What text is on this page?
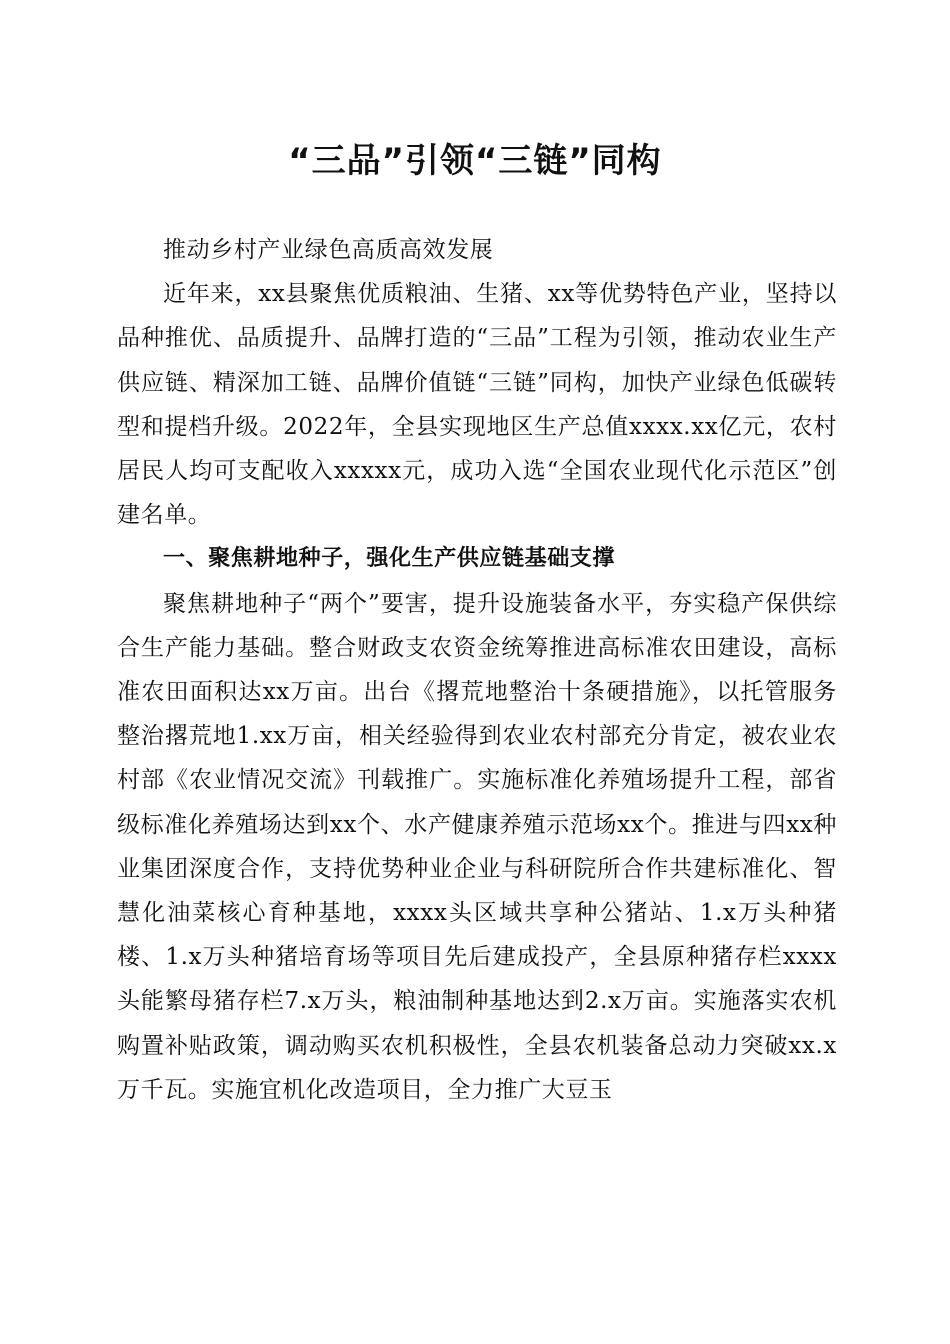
“三品”引领“三链”同构

推动乡村产业绿色高质高效发展

近年来，xx县聚焦优质粮油、生猪、xx等优势特色产业，坚持以品种推优、品质提升、品牌打造的“三品”工程为引领，推动农业生产供应链、精深加工链、品牌价值链“三链”同构，加快产业绿色低碳转型和提档升级。2022年，全县实现地区生产总值xxxx.xx亿元，农村居民人均可支配收入xxxxx元，成功入选“全国农业现代化示范区”创建名单。

一、聚焦耕地种子，强化生产供应链基础支撑

聚焦耕地种子“两个”要害，提升设施装备水平，夯实稳产保供综合生产能力基础。整合财政支农资金统筹推进高标准农田建设，高标准农田面积达xx万亩。出台《撂荒地整治十条硬措施》，以托管服务整治撂荒地1.xx万亩，相关经验得到农业农村部充分肯定，被农业农村部《农业情况交流》刊载推广。实施标准化养殖场提升工程，部省级标准化养殖场达到xx个、水产健康养殖示范场xx个。推进与四xx种业集团深度合作，支持优势种业企业与科研院所合作共建标准化、智慧化油菜核心育种基地，xxxx头区域共享种公猪站、1.x万头种猪楼、1.x万头种猪培育场等项目先后建成投产，全县原种猪存栏xxxx头能繁母猪存栏7.x万头，粮油制种基地达到2.x万亩。实施落实农机购置补贴政策，调动购买农机积极性，全县农机装备总动力突破xx.x万千瓦。实施宜机化改造项目，全力推广大豆玉
